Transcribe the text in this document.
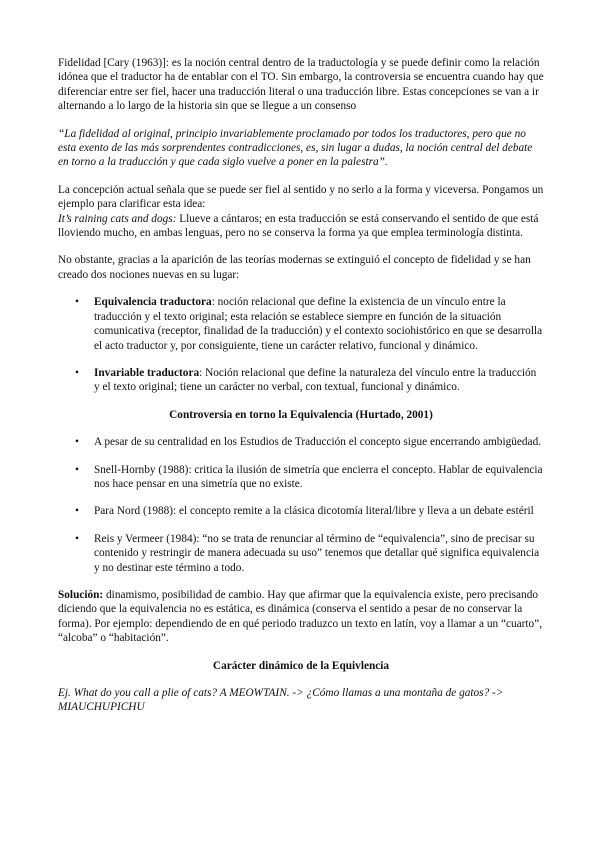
Fidelidad [Cary (1963)]: es la noción central dentro de la traductología y se puede definir como la relación idónea que el traductor ha de entablar con el TO. Sin embargo, la controversia se encuentra cuando hay que diferenciar entre ser fiel, hacer una traducción literal o una traducción libre. Estas concepciones se van a ir alternando a lo largo de la historia sin que se llegue a un consenso

“La fidelidad al original, principio invariablemente proclamado por todos los traductores, pero que no esta exento de las más sorprendentes contradicciones, es, sin lugar a dudas, la noción central del debate en torno a la traducción y que cada siglo vuelve a poner en la palestra”.

La concepción actual señala que se puede ser fiel al sentido y no serlo a la forma y viceversa. Pongamos un ejemplo para clarificar esta idea:
It’s raining cats and dogs: Llueve a cántaros; en esta traducción se está conservando el sentido de que está lloviendo mucho, en ambas lenguas, pero no se conserva la forma ya que emplea terminología distinta.

No obstante, gracias a la aparición de las teorías modernas se extinguió el concepto de fidelidad y se han creado dos nociones nuevas en su lugar:

• Equivalencia traductora: noción relacional que define la existencia de un vínculo entre la traducción y el texto original; esta relación se establece siempre en función de la situación comunicativa (receptor, finalidad de la traducción) y el contexto sociohistórico en que se desarrolla el acto traductor y, por consiguiente, tiene un carácter relativo, funcional y dinámico.
• Invariable traductora: Noción relacional que define la naturaleza del vínculo entre la traducción y el texto original; tiene un carácter no verbal, con textual, funcional y dinámico.
Controversia en torno la Equivalencia (Hurtado, 2001)
• A pesar de su centralidad en los Estudios de Traducción el concepto sigue encerrando ambigüedad.
• Snell-Hornby (1988): critica la ilusión de simetría que encierra el concepto. Hablar de equivalencia nos hace pensar en una simetría que no existe.
• Para Nord (1988): el concepto remite a la clásica dicotomía literal/libre y lleva a un debate estéril
• Reis y Vermeer (1984): “no se trata de renunciar al término de “equivalencia”, sino de precisar su contenido y restringir de manera adecuada su uso” tenemos que detallar qué significa equivalencia y no destinar este término a todo.

Solución: dinamismo, posibilidad de cambio. Hay que afirmar que la equivalencia existe, pero precisando diciendo que la equivalencia no es estática, es dinámica (conserva el sentido a pesar de no conservar la forma). Por ejemplo: dependiendo de en qué periodo traduzco un texto en latín, voy a llamar a un “cuarto”, “alcoba” o “habitación”.

Carácter dinámico de la Equivlencia

Ej. What do you call a plie of cats? A MEOWTAIN. -> ¿Cómo llamas a una montaña de gatos? -> MIAUCHUPICHU
